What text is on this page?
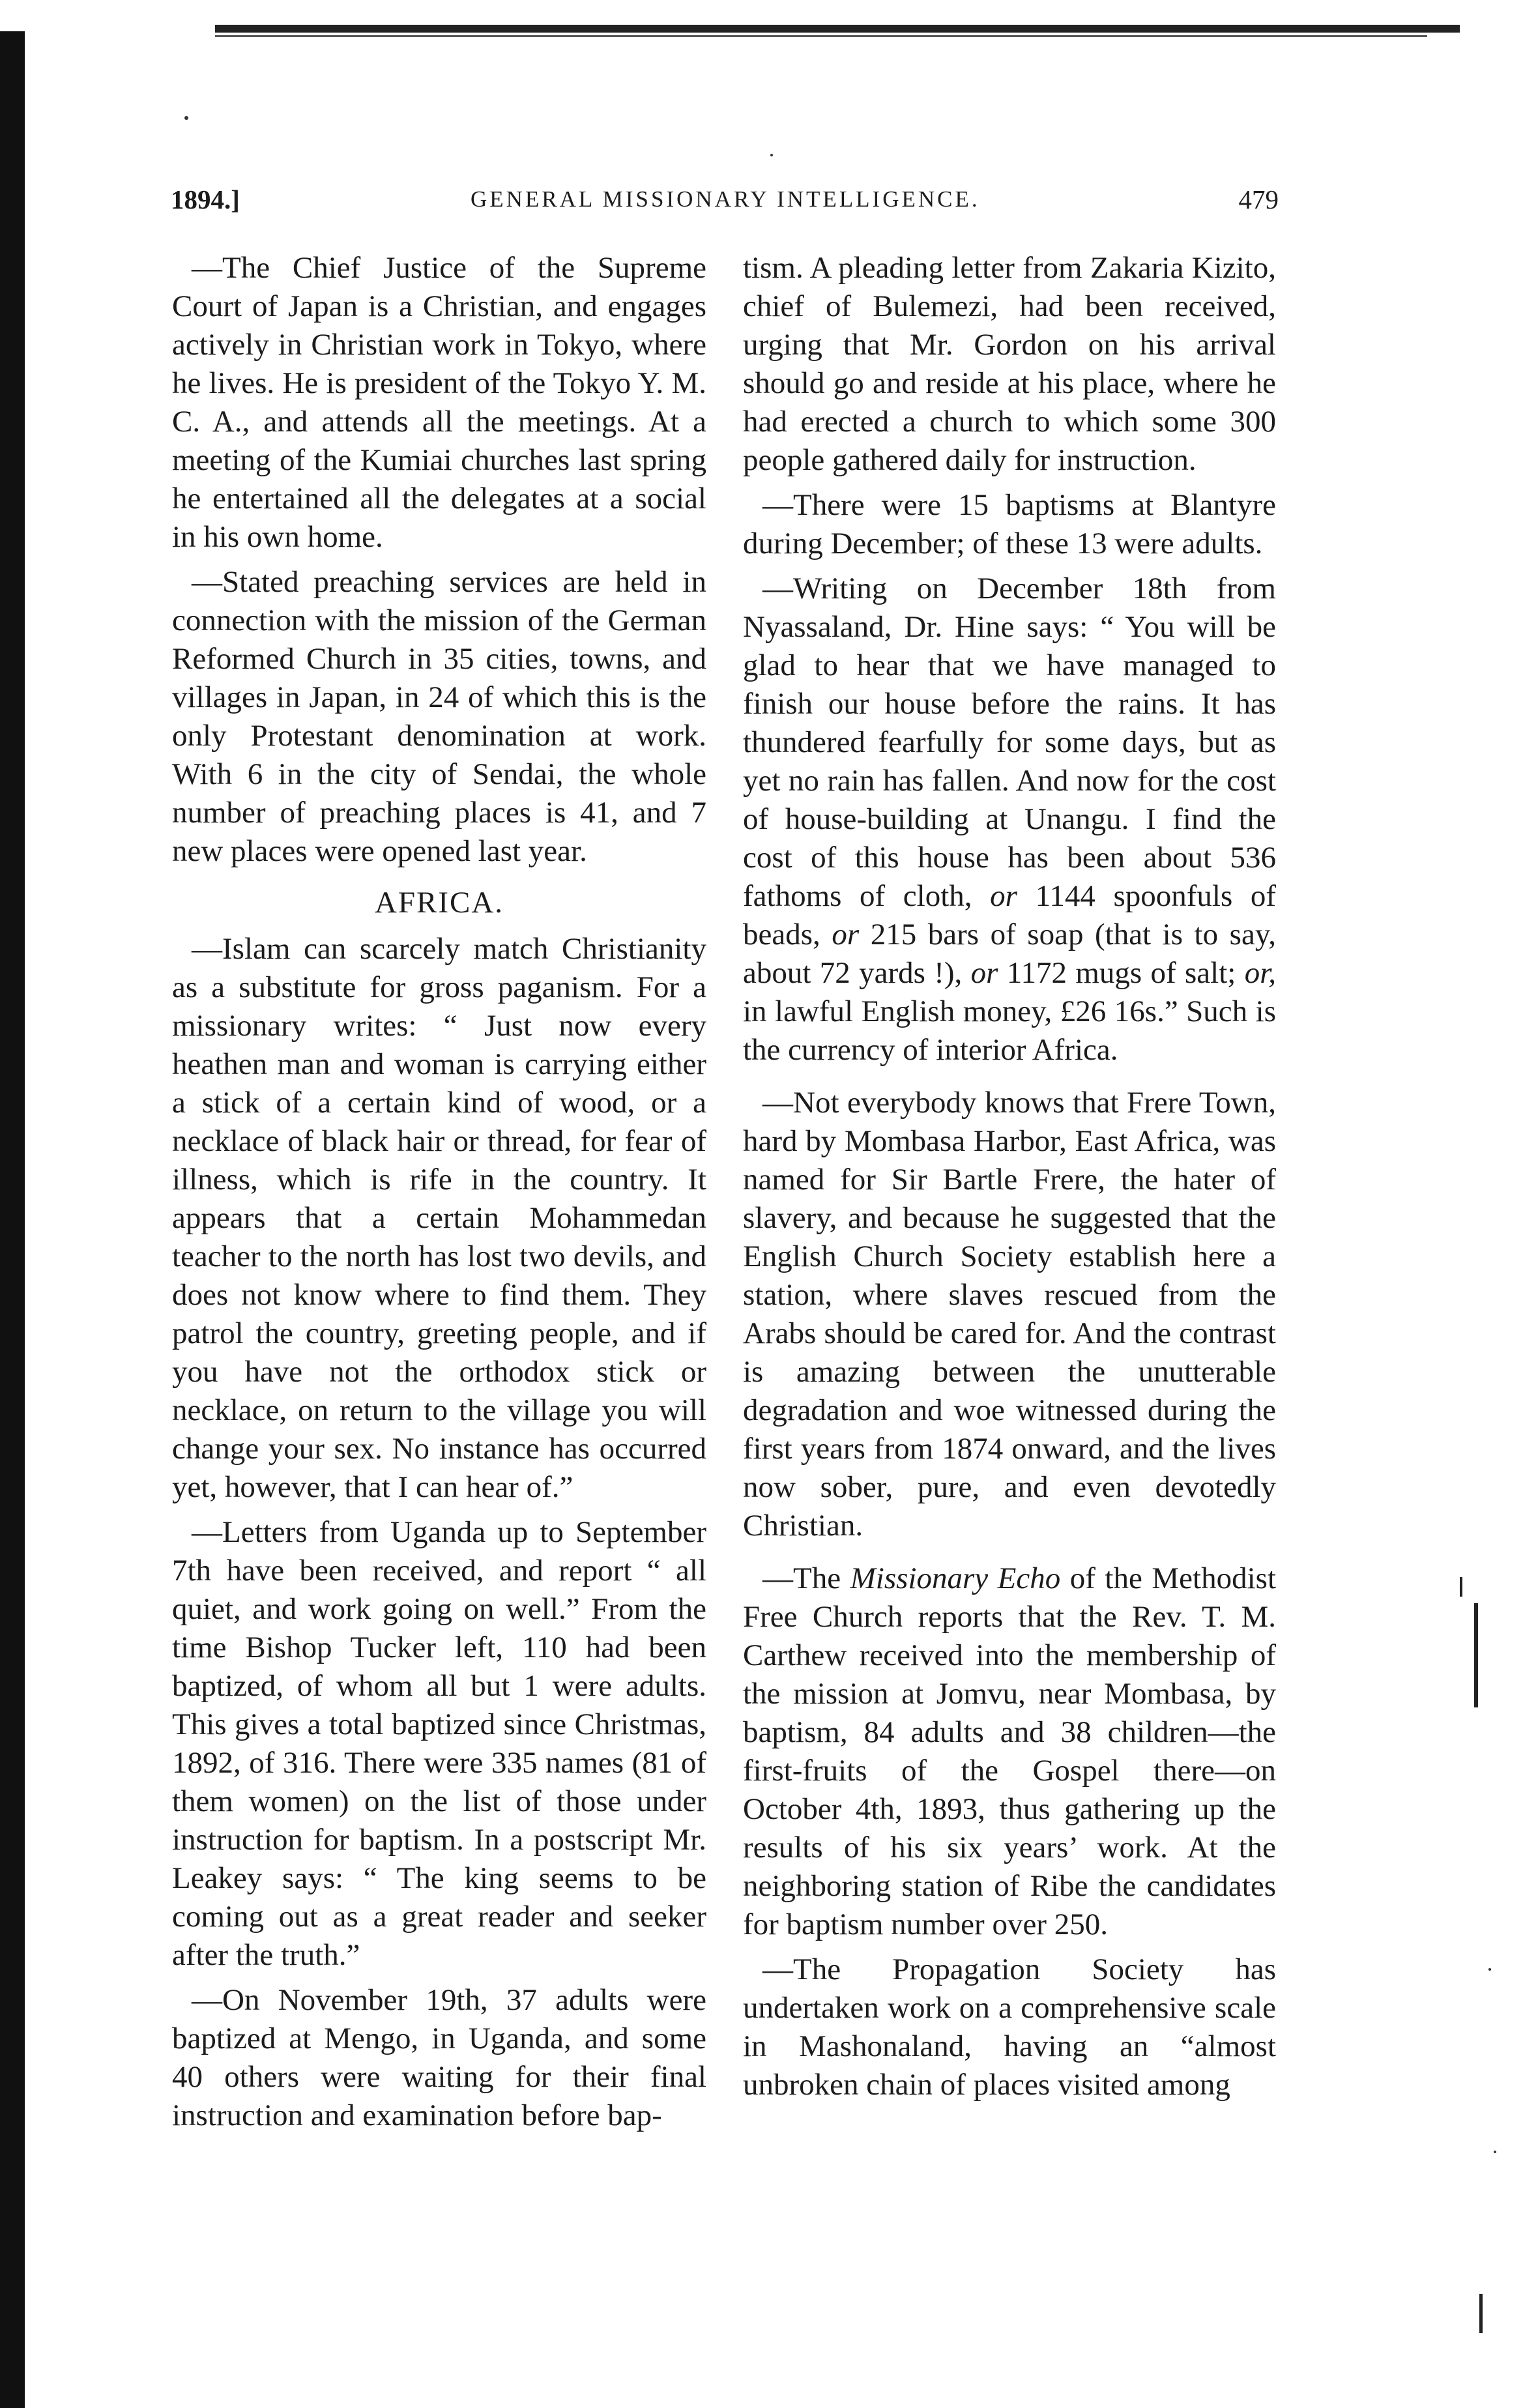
1894.]	GENERAL MISSIONARY INTELLIGENCE.	479

—The Chief Justice of the Supreme Court of Japan is a Christian, and engages actively in Christian work in Tokyo, where he lives. He is president of the Tokyo Y. M. C. A., and attends all the meetings. At a meeting of the Kumiai churches last spring he entertained all the delegates at a social in his own home.

—Stated preaching services are held in connection with the mission of the German Reformed Church in 35 cities, towns, and villages in Japan, in 24 of which this is the only Protestant denomination at work. With 6 in the city of Sendai, the whole number of preaching places is 41, and 7 new places were opened last year.

AFRICA.

—Islam can scarcely match Christianity as a substitute for gross paganism. For a missionary writes: “ Just now every heathen man and woman is carrying either a stick of a certain kind of wood, or a necklace of black hair or thread, for fear of illness, which is rife in the country. It appears that a certain Mohammedan teacher to the north has lost two devils, and does not know where to find them. They patrol the country, greeting people, and if you have not the orthodox stick or necklace, on return to the village you will change your sex. No instance has occurred yet, however, that I can hear of.”

—Letters from Uganda up to September 7th have been received, and report “ all quiet, and work going on well.” From the time Bishop Tucker left, 110 had been baptized, of whom all but 1 were adults. This gives a total baptized since Christmas, 1892, of 316. There were 335 names (81 of them women) on the list of those under instruction for baptism. In a postscript Mr. Leakey says: “ The king seems to be coming out as a great reader and seeker after the truth.”

—On November 19th, 37 adults were baptized at Mengo, in Uganda, and some 40 others were waiting for their final instruction and examination before bap-

tism. A pleading letter from Zakaria Kizito, chief of Bulemezi, had been received, urging that Mr. Gordon on his arrival should go and reside at his place, where he had erected a church to which some 300 people gathered daily for instruction.

—There were 15 baptisms at Blantyre during December; of these 13 were adults.

—Writing on December 18th from Nyassaland, Dr. Hine says: “ You will be glad to hear that we have managed to finish our house before the rains. It has thundered fearfully for some days, but as yet no rain has fallen. And now for the cost of house-building at Unangu. I find the cost of this house has been about 536 fathoms of cloth, or 1144 spoonfuls of beads, or 215 bars of soap (that is to say, about 72 yards !), or 1172 mugs of salt; or, in lawful English money, £26 16s.” Such is the currency of interior Africa.

—Not everybody knows that Frere Town, hard by Mombasa Harbor, East Africa, was named for Sir Bartle Frere, the hater of slavery, and because he suggested that the English Church Society establish here a station, where slaves rescued from the Arabs should be cared for. And the contrast is amazing between the unutterable degradation and woe witnessed during the first years from 1874 onward, and the lives now sober, pure, and even devotedly Christian.

—The Missionary Echo of the Methodist Free Church reports that the Rev. T. M. Carthew received into the membership of the mission at Jomvu, near Mombasa, by baptism, 84 adults and 38 children—the first-fruits of the Gospel there—on October 4th, 1893, thus gathering up the results of his six years’ work. At the neighboring station of Ribe the candidates for baptism number over 250.

—The Propagation Society has undertaken work on a comprehensive scale in Mashonaland, having an “almost unbroken chain of places visited among
